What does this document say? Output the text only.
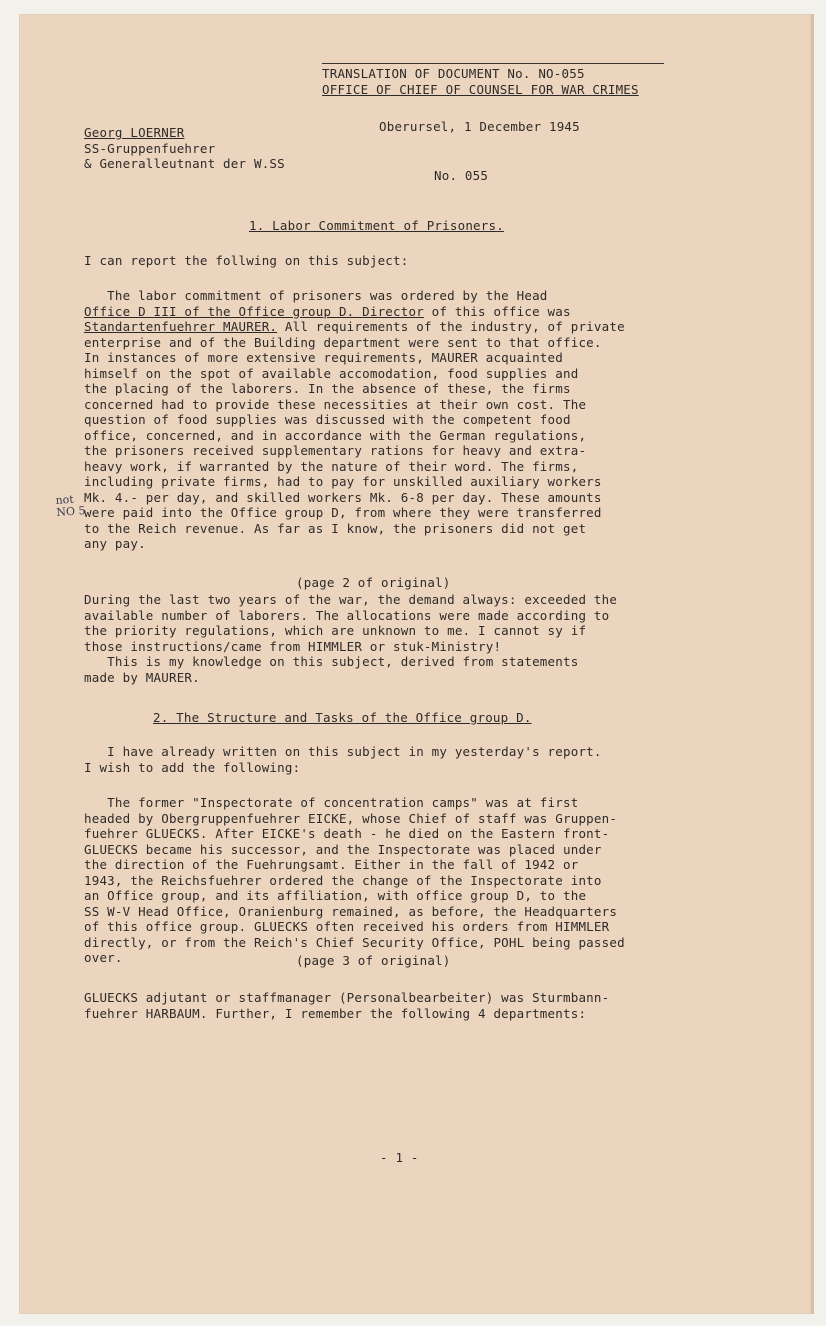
TRANSLATION OF DOCUMENT No. NO-055
OFFICE OF CHIEF OF COUNSEL FOR WAR CRIMES
Georg LOERNER
SS-Gruppenfuehrer
& Generalleutnant der W.SS
Oberursel, 1 December 1945
No. 055
1. Labor Commitment of Prisoners.
I can report the follwing on this subject:
The labor commitment of prisoners was ordered by the Head
Office D III of the Office group D. Director of this office was
Standartenfuehrer MAURER. All requirements of the industry, of private
enterprise and of the Building department were sent to that office.
In instances of more extensive requirements, MAURER acquainted
himself on the spot of available accomodation, food supplies and
the placing of the laborers. In the absence of these, the firms
concerned had to provide these necessities at their own cost. The
question of food supplies was discussed with the competent food
office, concerned, and in accordance with the German regulations,
the prisoners received supplementary rations for heavy and extra-
heavy work, if warranted by the nature of their word. The firms,
including private firms, had to pay for unskilled auxiliary workers
Mk. 4.- per day, and skilled workers Mk. 6-8 per day. These amounts
were paid into the Office group D, from where they were transferred
to the Reich revenue. As far as I know, the prisoners did not get
any pay.
not
NO 5
(page 2 of original)
During the last two years of the war, the demand always: exceeded the
available number of laborers. The allocations were made according to
the priority regulations, which are unknown to me. I cannot sy if
those instructions/came from HIMMLER or stuk-Ministry!
This is my knowledge on this subject, derived from statements
made by MAURER.
2. The Structure and Tasks of the Office group D.
I have already written on this subject in my yesterday's report.
I wish to add the following:
The former "Inspectorate of concentration camps" was at first
headed by Obergruppenfuehrer EICKE, whose Chief of staff was Gruppen-
fuehrer GLUECKS. After EICKE's death - he died on the Eastern front-
GLUECKS became his successor, and the Inspectorate was placed under
the direction of the Fuehrungsamt. Either in the fall of 1942 or
1943, the Reichsfuehrer ordered the change of the Inspectorate into
an Office group, and its affiliation, with office group D, to the
SS W-V Head Office, Oranienburg remained, as before, the Headquarters
of this office group. GLUECKS often received his orders from HIMMLER
directly, or from the Reich's Chief Security Office, POHL being passed
over.	(page 3 of original)
GLUECKS adjutant or staffmanager (Personalbearbeiter) was Sturmbann-
fuehrer HARBAUM. Further, I remember the following 4 departments:
- 1 -
